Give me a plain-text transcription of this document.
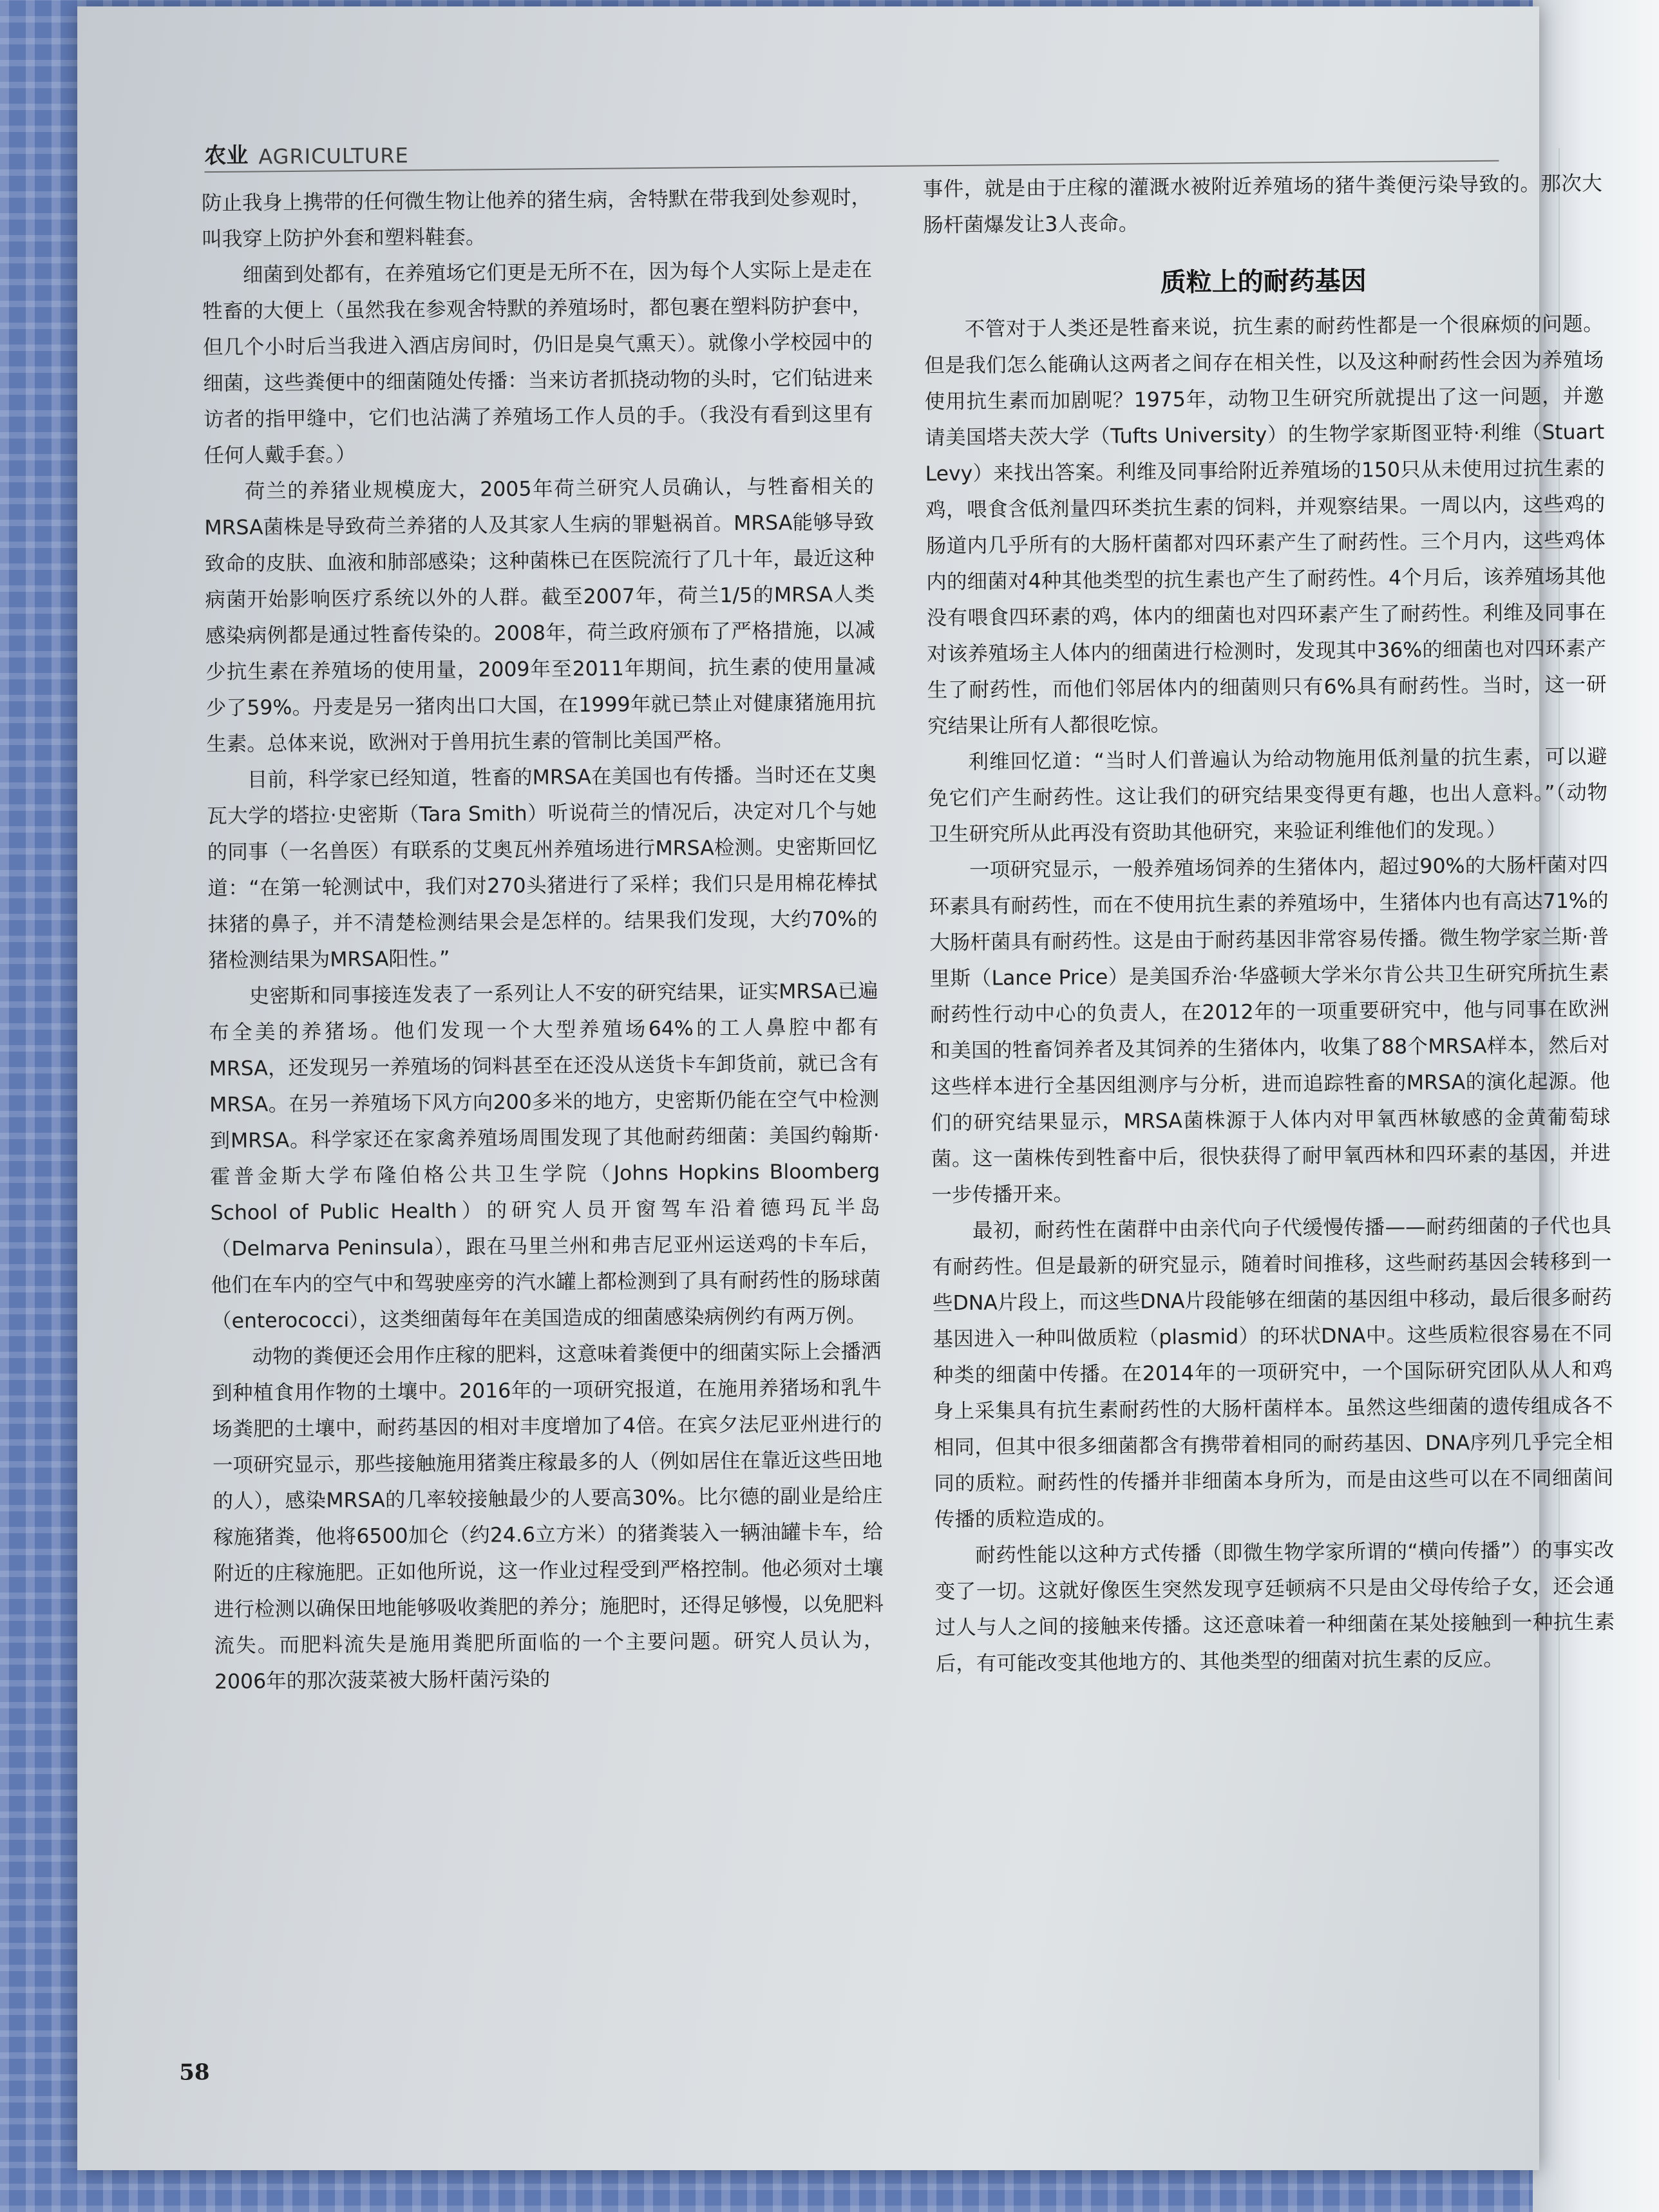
农业 AGRICULTURE

防止我身上携带的任何微生物让他养的猪生病，舍特默在带我到处参观时，叫我穿上防护外套和塑料鞋套。

细菌到处都有，在养殖场它们更是无所不在，因为每个人实际上是走在牲畜的大便上（虽然我在参观舍特默的养殖场时，都包裹在塑料防护套中，但几个小时后当我进入酒店房间时，仍旧是臭气熏天）。就像小学校园中的细菌，这些粪便中的细菌随处传播：当来访者抓挠动物的头时，它们钻进来访者的指甲缝中，它们也沾满了养殖场工作人员的手。（我没有看到这里有任何人戴手套。）

荷兰的养猪业规模庞大，2005年荷兰研究人员确认，与牲畜相关的MRSA菌株是导致荷兰养猪的人及其家人生病的罪魁祸首。MRSA能够导致致命的皮肤、血液和肺部感染；这种菌株已在医院流行了几十年，最近这种病菌开始影响医疗系统以外的人群。截至2007年，荷兰1/5的MRSA人类感染病例都是通过牲畜传染的。2008年，荷兰政府颁布了严格措施，以减少抗生素在养殖场的使用量，2009年至2011年期间，抗生素的使用量减少了59%。丹麦是另一猪肉出口大国，在1999年就已禁止对健康猪施用抗生素。总体来说，欧洲对于兽用抗生素的管制比美国严格。

目前，科学家已经知道，牲畜的MRSA在美国也有传播。当时还在艾奥瓦大学的塔拉·史密斯（Tara Smith）听说荷兰的情况后，决定对几个与她的同事（一名兽医）有联系的艾奥瓦州养殖场进行MRSA检测。史密斯回忆道：“在第一轮测试中，我们对270头猪进行了采样；我们只是用棉花棒拭抹猪的鼻子，并不清楚检测结果会是怎样的。结果我们发现，大约70%的猪检测结果为MRSA阳性。”

史密斯和同事接连发表了一系列让人不安的研究结果，证实MRSA已遍布全美的养猪场。他们发现一个大型养殖场64%的工人鼻腔中都有MRSA，还发现另一养殖场的饲料甚至在还没从送货卡车卸货前，就已含有MRSA。在另一养殖场下风方向200多米的地方，史密斯仍能在空气中检测到MRSA。科学家还在家禽养殖场周围发现了其他耐药细菌：美国约翰斯·霍普金斯大学布隆伯格公共卫生学院（Johns Hopkins Bloomberg School of Public Health）的研究人员开窗驾车沿着德玛瓦半岛（Delmarva Peninsula），跟在马里兰州和弗吉尼亚州运送鸡的卡车后，他们在车内的空气中和驾驶座旁的汽水罐上都检测到了具有耐药性的肠球菌（enterococci），这类细菌每年在美国造成的细菌感染病例约有两万例。

动物的粪便还会用作庄稼的肥料，这意味着粪便中的细菌实际上会播洒到种植食用作物的土壤中。2016年的一项研究报道，在施用养猪场和乳牛场粪肥的土壤中，耐药基因的相对丰度增加了4倍。在宾夕法尼亚州进行的一项研究显示，那些接触施用猪粪庄稼最多的人（例如居住在靠近这些田地的人），感染MRSA的几率较接触最少的人要高30%。比尔德的副业是给庄稼施猪粪，他将6500加仑（约24.6立方米）的猪粪装入一辆油罐卡车，给附近的庄稼施肥。正如他所说，这一作业过程受到严格控制。他必须对土壤进行检测以确保田地能够吸收粪肥的养分；施肥时，还得足够慢，以免肥料流失。而肥料流失是施用粪肥所面临的一个主要问题。研究人员认为，2006年的那次菠菜被大肠杆菌污染的

事件，就是由于庄稼的灌溉水被附近养殖场的猪牛粪便污染导致的。那次大肠杆菌爆发让3人丧命。

质粒上的耐药基因

不管对于人类还是牲畜来说，抗生素的耐药性都是一个很麻烦的问题。但是我们怎么能确认这两者之间存在相关性，以及这种耐药性会因为养殖场使用抗生素而加剧呢？1975年，动物卫生研究所就提出了这一问题，并邀请美国塔夫茨大学（Tufts University）的生物学家斯图亚特·利维（Stuart Levy）来找出答案。利维及同事给附近养殖场的150只从未使用过抗生素的鸡，喂食含低剂量四环类抗生素的饲料，并观察结果。一周以内，这些鸡的肠道内几乎所有的大肠杆菌都对四环素产生了耐药性。三个月内，这些鸡体内的细菌对4种其他类型的抗生素也产生了耐药性。4个月后，该养殖场其他没有喂食四环素的鸡，体内的细菌也对四环素产生了耐药性。利维及同事在对该养殖场主人体内的细菌进行检测时，发现其中36%的细菌也对四环素产生了耐药性，而他们邻居体内的细菌则只有6%具有耐药性。当时，这一研究结果让所有人都很吃惊。

利维回忆道：“当时人们普遍认为给动物施用低剂量的抗生素，可以避免它们产生耐药性。这让我们的研究结果变得更有趣，也出人意料。”（动物卫生研究所从此再没有资助其他研究，来验证利维他们的发现。）

一项研究显示，一般养殖场饲养的生猪体内，超过90%的大肠杆菌对四环素具有耐药性，而在不使用抗生素的养殖场中，生猪体内也有高达71%的大肠杆菌具有耐药性。这是由于耐药基因非常容易传播。微生物学家兰斯·普里斯（Lance Price）是美国乔治·华盛顿大学米尔肯公共卫生研究所抗生素耐药性行动中心的负责人，在2012年的一项重要研究中，他与同事在欧洲和美国的牲畜饲养者及其饲养的生猪体内，收集了88个MRSA样本，然后对这些样本进行全基因组测序与分析，进而追踪牲畜的MRSA的演化起源。他们的研究结果显示，MRSA菌株源于人体内对甲氧西林敏感的金黄葡萄球菌。这一菌株传到牲畜中后，很快获得了耐甲氧西林和四环素的基因，并进一步传播开来。

最初，耐药性在菌群中由亲代向子代缓慢传播——耐药细菌的子代也具有耐药性。但是最新的研究显示，随着时间推移，这些耐药基因会转移到一些DNA片段上，而这些DNA片段能够在细菌的基因组中移动，最后很多耐药基因进入一种叫做质粒（plasmid）的环状DNA中。这些质粒很容易在不同种类的细菌中传播。在2014年的一项研究中，一个国际研究团队从人和鸡身上采集具有抗生素耐药性的大肠杆菌样本。虽然这些细菌的遗传组成各不相同，但其中很多细菌都含有携带着相同的耐药基因、DNA序列几乎完全相同的质粒。耐药性的传播并非细菌本身所为，而是由这些可以在不同细菌间传播的质粒造成的。

耐药性能以这种方式传播（即微生物学家所谓的“横向传播”）的事实改变了一切。这就好像医生突然发现亨廷顿病不只是由父母传给子女，还会通过人与人之间的接触来传播。这还意味着一种细菌在某处接触到一种抗生素后，有可能改变其他地方的、其他类型的细菌对抗生素的反应。

58
